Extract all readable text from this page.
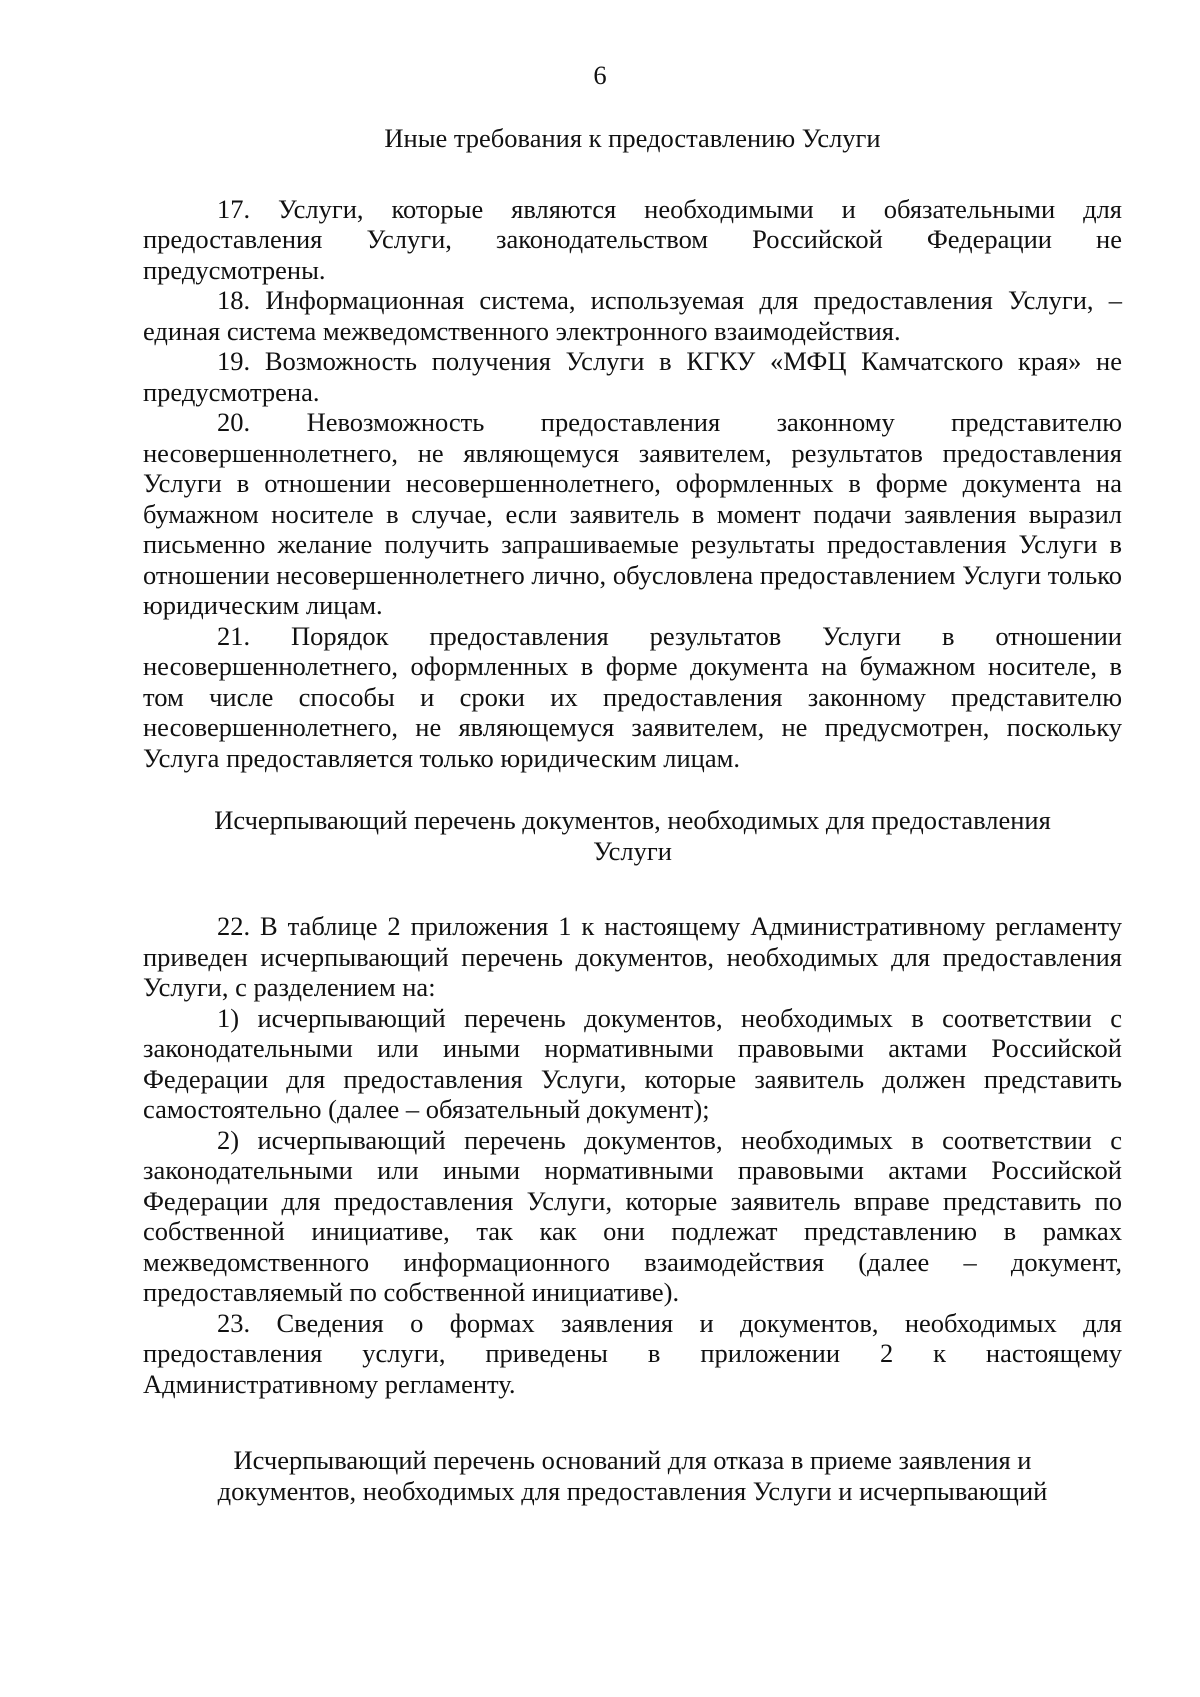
6

Иные требования к предоставлению Услуги

17. Услуги, которые являются необходимыми и обязательными для предоставления Услуги, законодательством Российской Федерации не предусмотрены.

18. Информационная система, используемая для предоставления Услуги, – единая система межведомственного электронного взаимодействия.

19. Возможность получения Услуги в КГКУ «МФЦ Камчатского края» не предусмотрена.

20. Невозможность предоставления законному представителю несовершеннолетнего, не являющемуся заявителем, результатов предоставления Услуги в отношении несовершеннолетнего, оформленных в форме документа на бумажном носителе в случае, если заявитель в момент подачи заявления выразил письменно желание получить запрашиваемые результаты предоставления Услуги в отношении несовершеннолетнего лично, обусловлена предоставлением Услуги только юридическим лицам.

21. Порядок предоставления результатов Услуги в отношении несовершеннолетнего, оформленных в форме документа на бумажном носителе, в том числе способы и сроки их предоставления законному представителю несовершеннолетнего, не являющемуся заявителем, не предусмотрен, поскольку Услуга предоставляется только юридическим лицам.

Исчерпывающий перечень документов, необходимых для предоставления Услуги

22. В таблице 2 приложения 1 к настоящему Административному регламенту приведен исчерпывающий перечень документов, необходимых для предоставления Услуги, с разделением на:

1) исчерпывающий перечень документов, необходимых в соответствии с законодательными или иными нормативными правовыми актами Российской Федерации для предоставления Услуги, которые заявитель должен представить самостоятельно (далее – обязательный документ);

2) исчерпывающий перечень документов, необходимых в соответствии с законодательными или иными нормативными правовыми актами Российской Федерации для предоставления Услуги, которые заявитель вправе представить по собственной инициативе, так как они подлежат представлению в рамках межведомственного информационного взаимодействия (далее – документ, предоставляемый по собственной инициативе).

23. Сведения о формах заявления и документов, необходимых для предоставления услуги, приведены в приложении 2 к настоящему Административному регламенту.

Исчерпывающий перечень оснований для отказа в приеме заявления и документов, необходимых для предоставления Услуги и исчерпывающий
